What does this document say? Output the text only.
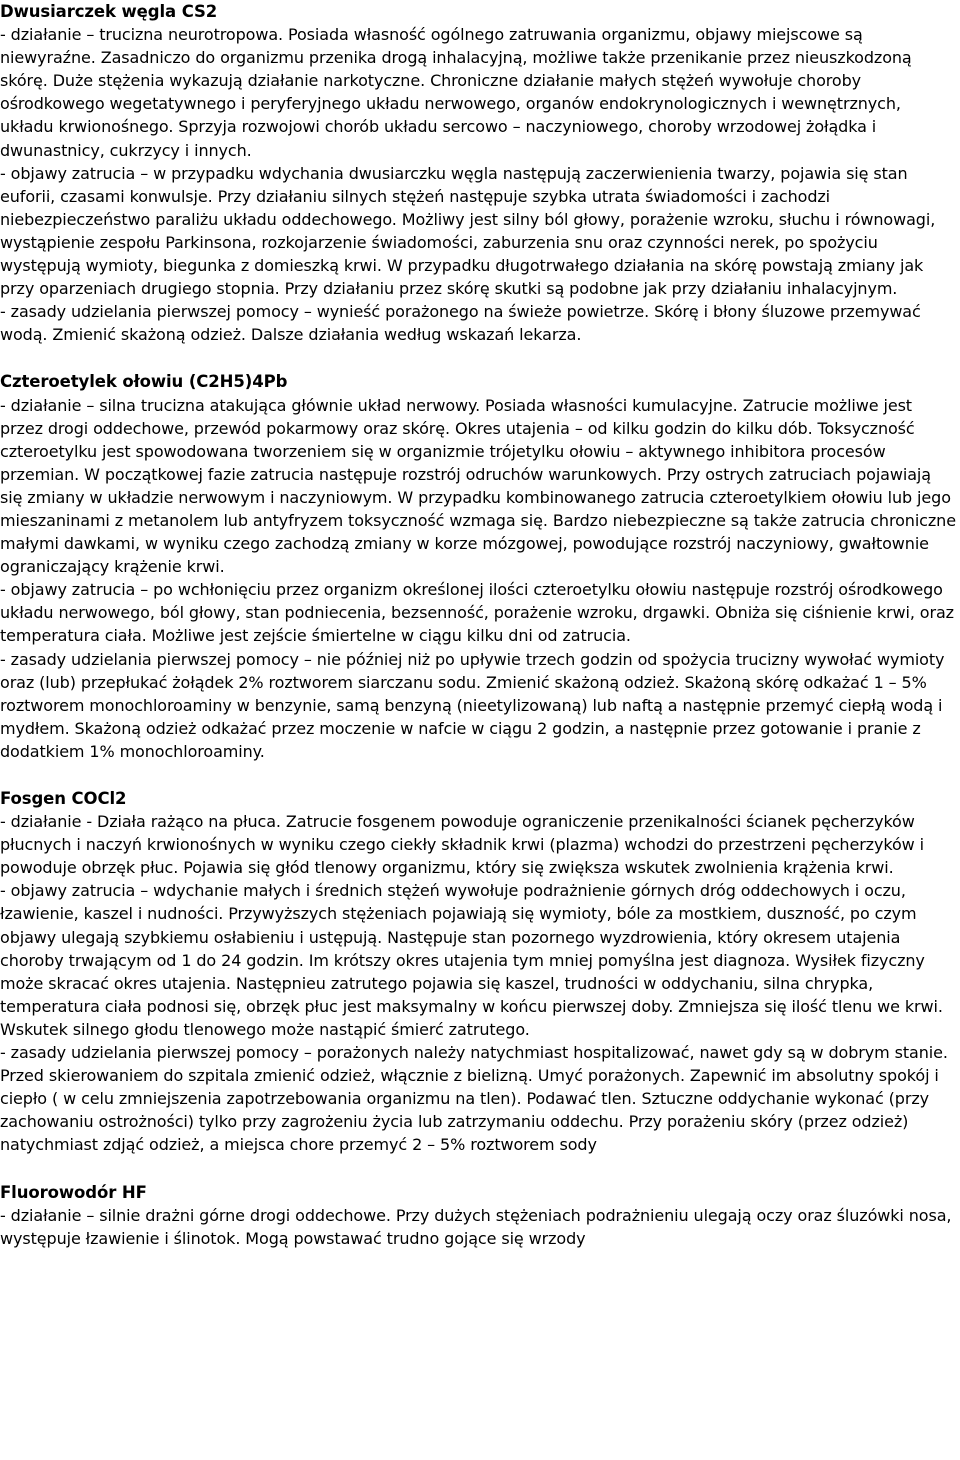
Dwusiarczek węgla CS2

- działanie – trucizna neurotropowa. Posiada własność ogólnego zatruwania organizmu, objawy miejscowe są niewyraźne. Zasadniczo do organizmu przenika drogą inhalacyjną, możliwe także przenikanie przez nieuszkodzoną skórę. Duże stężenia wykazują działanie narkotyczne. Chroniczne działanie małych stężeń wywołuje choroby ośrodkowego wegetatywnego i peryferyjnego układu nerwowego, organów endokrynologicznych i wewnętrznych, układu krwionośnego. Sprzyja rozwojowi chorób układu sercowo – naczyniowego, choroby wrzodowej żołądka i dwunastnicy, cukrzycy i innych.

- objawy zatrucia – w przypadku wdychania dwusiarczku węgla następują zaczerwienienia twarzy, pojawia się stan euforii, czasami konwulsje. Przy działaniu silnych stężeń następuje szybka utrata świadomości i zachodzi niebezpieczeństwo paraliżu układu oddechowego. Możliwy jest silny ból głowy, porażenie wzroku, słuchu i równowagi, wystąpienie zespołu Parkinsona, rozkojarzenie świadomości, zaburzenia snu oraz czynności nerek, po spożyciu występują wymioty, biegunka z domieszką krwi. W przypadku długotrwałego działania na skórę powstają zmiany jak przy oparzeniach drugiego stopnia. Przy działaniu przez skórę skutki są podobne jak przy działaniu inhalacyjnym.

- zasady udzielania pierwszej pomocy – wynieść porażonego na świeże powietrze. Skórę i błony śluzowe przemywać wodą. Zmienić skażoną odzież. Dalsze działania według wskazań lekarza.

Czteroetylek ołowiu (C2H5)4Pb

- działanie – silna trucizna atakująca głównie układ nerwowy. Posiada własności kumulacyjne. Zatrucie możliwe jest przez drogi oddechowe, przewód pokarmowy oraz skórę. Okres utajenia – od kilku godzin do kilku dób. Toksyczność czteroetylku jest spowodowana tworzeniem się w organizmie trójetylku ołowiu – aktywnego inhibitora procesów przemian. W początkowej fazie zatrucia następuje rozstrój odruchów warunkowych. Przy ostrych zatruciach pojawiają się zmiany w układzie nerwowym i naczyniowym. W przypadku kombinowanego zatrucia czteroetylkiem ołowiu lub jego mieszaninami z metanolem lub antyfryzem toksyczność wzmaga się. Bardzo niebezpieczne są także zatrucia chroniczne małymi dawkami, w wyniku czego zachodzą zmiany w korze mózgowej, powodujące rozstrój naczyniowy, gwałtownie ograniczający krążenie krwi.

- objawy zatrucia – po wchłonięciu przez organizm określonej ilości czteroetylku ołowiu następuje rozstrój ośrodkowego układu nerwowego, ból głowy, stan podniecenia, bezsenność, porażenie wzroku, drgawki. Obniża się ciśnienie krwi, oraz temperatura ciała. Możliwe jest zejście śmiertelne w ciągu kilku dni od zatrucia.

- zasady udzielania pierwszej pomocy – nie później niż po upływie trzech godzin od spożycia trucizny wywołać wymioty oraz (lub) przepłukać żołądek 2% roztworem siarczanu sodu. Zmienić skażoną odzież. Skażoną skórę odkażać 1 – 5% roztworem monochloroaminy w benzynie, samą benzyną (nieetylizowaną) lub naftą a następnie przemyć ciepłą wodą i mydłem. Skażoną odzież odkażać przez moczenie w nafcie w ciągu 2 godzin, a następnie przez gotowanie i pranie z dodatkiem 1% monochloroaminy.

Fosgen COCl2

- działanie - Działa rażąco na płuca. Zatrucie fosgenem powoduje ograniczenie przenikalności ścianek pęcherzyków płucnych i naczyń krwionośnych w wyniku czego ciekły składnik krwi (plazma) wchodzi do przestrzeni pęcherzyków i powoduje obrzęk płuc. Pojawia się głód tlenowy organizmu, który się zwiększa wskutek zwolnienia krążenia krwi.

- objawy zatrucia – wdychanie małych i średnich stężeń wywołuje podrażnienie górnych dróg oddechowych i oczu, łzawienie, kaszel i nudności. Przywyższych stężeniach pojawiają się wymioty, bóle za mostkiem, duszność, po czym objawy ulegają szybkiemu osłabieniu i ustępują. Następuje stan pozornego wyzdrowienia, który okresem utajenia choroby trwającym od 1 do 24 godzin. Im krótszy okres utajenia tym mniej pomyślna jest diagnoza. Wysiłek fizyczny może skracać okres utajenia. Następnieu zatrutego pojawia się kaszel, trudności w oddychaniu, silna chrypka, temperatura ciała podnosi się, obrzęk płuc jest maksymalny w końcu pierwszej doby. Zmniejsza się ilość tlenu we krwi. Wskutek silnego głodu tlenowego może nastąpić śmierć zatrutego.

- zasady udzielania pierwszej pomocy – porażonych należy natychmiast hospitalizować, nawet gdy są w dobrym stanie. Przed skierowaniem do szpitala zmienić odzież, włącznie z bielizną. Umyć porażonych. Zapewnić im absolutny spokój i ciepło ( w celu zmniejszenia zapotrzebowania organizmu na tlen). Podawać tlen. Sztuczne oddychanie wykonać (przy zachowaniu ostrożności) tylko przy zagrożeniu życia lub zatrzymaniu oddechu. Przy porażeniu skóry (przez odzież) natychmiast zdjąć odzież, a miejsca chore przemyć 2 – 5% roztworem sody

Fluorowodór HF

- działanie – silnie drażni górne drogi oddechowe. Przy dużych stężeniach podrażnieniu ulegają oczy oraz śluzówki nosa, występuje łzawienie i ślinotok. Mogą powstawać trudno gojące się wrzody
